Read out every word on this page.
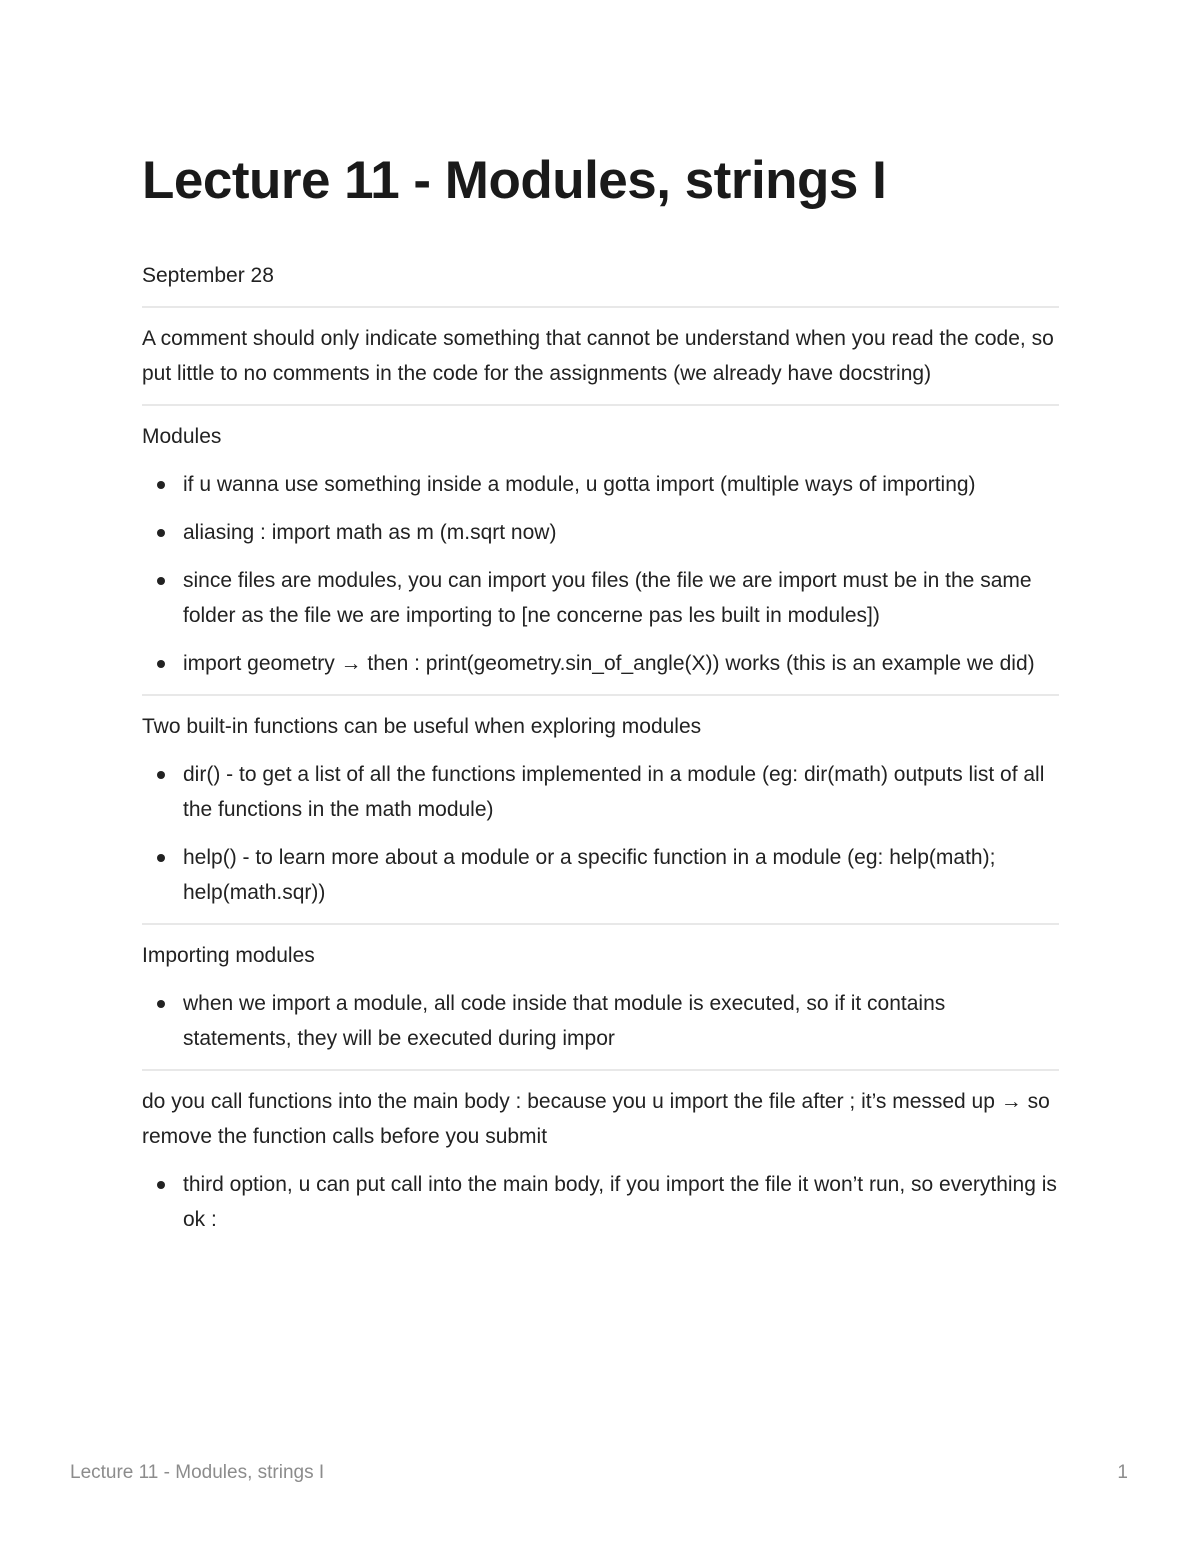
Lecture 11 - Modules, strings I

September 28

A comment should only indicate something that cannot be understand when you read the code, so put little to no comments in the code for the assignments (we already have docstring)

Modules

if u wanna use something inside a module, u gotta import (multiple ways of importing)
aliasing : import math as m (m.sqrt now)
since files are modules, you can import you files (the file we are import must be in the same folder as the file we are importing to [ne concerne pas les built in modules])
import geometry → then : print(geometry.sin_of_angle(X)) works (this is an example we did)

Two built-in functions can be useful when exploring modules

dir() - to get a list of all the functions implemented in a module (eg: dir(math) outputs list of all the functions in the math module)
help() - to learn more about a module or a specific function in a module (eg: help(math); help(math.sqr))

Importing modules

when we import a module, all code inside that module is executed, so if it contains statements, they will be executed during impor

do you call functions into the main body : because you u import the file after ; it’s messed up → so remove the function calls before you submit

third option, u can put call into the main body, if you import the file it won’t run, so everything is ok :
Lecture 11 - Modules, strings I	1
